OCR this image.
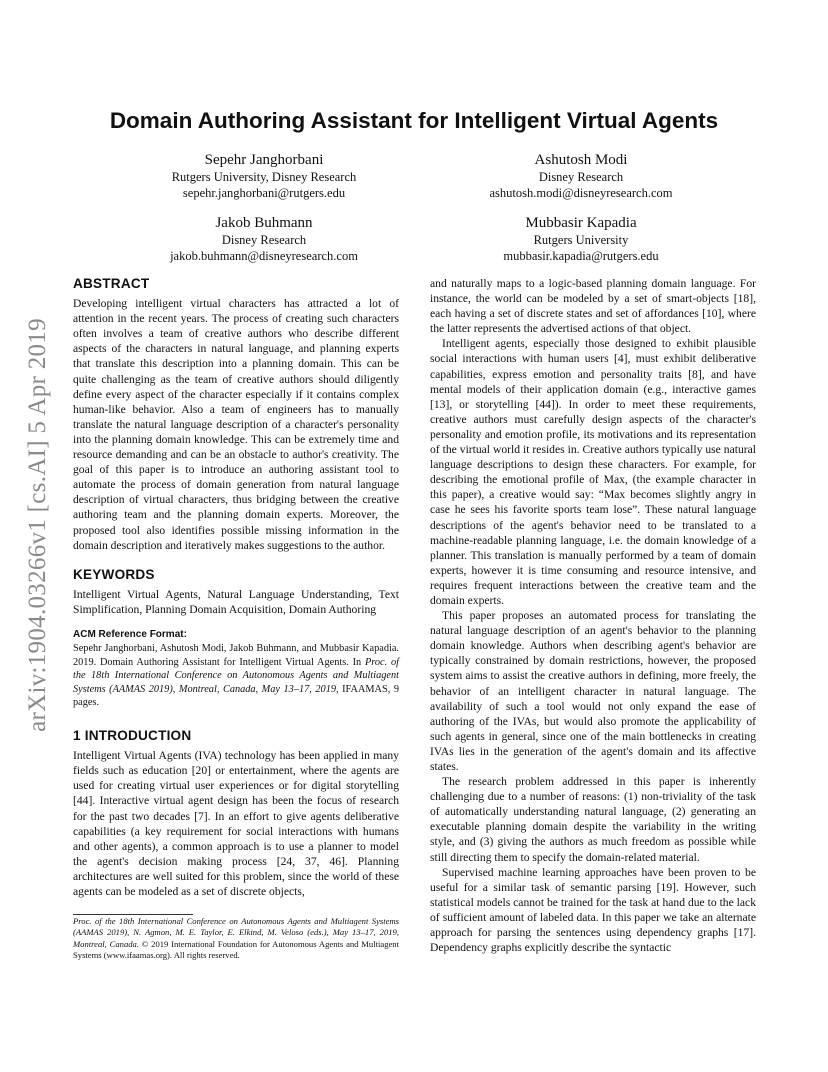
arXiv:1904.03266v1 [cs.AI] 5 Apr 2019
Domain Authoring Assistant for Intelligent Virtual Agents
Sepehr Janghorbani
Rutgers University, Disney Research
sepehr.janghorbani@rutgers.edu
Ashutosh Modi
Disney Research
ashutosh.modi@disneyresearch.com
Jakob Buhmann
Disney Research
jakob.buhmann@disneyresearch.com
Mubbasir Kapadia
Rutgers University
mubbasir.kapadia@rutgers.edu
ABSTRACT

Developing intelligent virtual characters has attracted a lot of attention in the recent years. The process of creating such characters often involves a team of creative authors who describe different aspects of the characters in natural language, and planning experts that translate this description into a planning domain. This can be quite challenging as the team of creative authors should diligently define every aspect of the character especially if it contains complex human-like behavior. Also a team of engineers has to manually translate the natural language description of a character's personality into the planning domain knowledge. This can be extremely time and resource demanding and can be an obstacle to author's creativity. The goal of this paper is to introduce an authoring assistant tool to automate the process of domain generation from natural language description of virtual characters, thus bridging between the creative authoring team and the planning domain experts. Moreover, the proposed tool also identifies possible missing information in the domain description and iteratively makes suggestions to the author.

KEYWORDS

Intelligent Virtual Agents, Natural Language Understanding, Text Simplification, Planning Domain Acquisition, Domain Authoring

ACM Reference Format:

Sepehr Janghorbani, Ashutosh Modi, Jakob Buhmann, and Mubbasir Kapadia. 2019. Domain Authoring Assistant for Intelligent Virtual Agents. In Proc. of the 18th International Conference on Autonomous Agents and Multiagent Systems (AAMAS 2019), Montreal, Canada, May 13–17, 2019, IFAAMAS, 9 pages.

1 INTRODUCTION

Intelligent Virtual Agents (IVA) technology has been applied in many fields such as education [20] or entertainment, where the agents are used for creating virtual user experiences or for digital storytelling [44]. Interactive virtual agent design has been the focus of research for the past two decades [7]. In an effort to give agents deliberative capabilities (a key requirement for social interactions with humans and other agents), a common approach is to use a planner to model the agent's decision making process [24, 37, 46]. Planning architectures are well suited for this problem, since the world of these agents can be modeled as a set of discrete objects,

Proc. of the 18th International Conference on Autonomous Agents and Multiagent Systems (AAMAS 2019), N. Agmon, M. E. Taylor, E. Elkind, M. Veloso (eds.), May 13–17, 2019, Montreal, Canada. © 2019 International Foundation for Autonomous Agents and Multiagent Systems (www.ifaamas.org). All rights reserved.

and naturally maps to a logic-based planning domain language. For instance, the world can be modeled by a set of smart-objects [18], each having a set of discrete states and set of affordances [10], where the latter represents the advertised actions of that object.

Intelligent agents, especially those designed to exhibit plausible social interactions with human users [4], must exhibit deliberative capabilities, express emotion and personality traits [8], and have mental models of their application domain (e.g., interactive games [13], or storytelling [44]). In order to meet these requirements, creative authors must carefully design aspects of the character's personality and emotion profile, its motivations and its representation of the virtual world it resides in. Creative authors typically use natural language descriptions to design these characters. For example, for describing the emotional profile of Max, (the example character in this paper), a creative would say: “Max becomes slightly angry in case he sees his favorite sports team lose”. These natural language descriptions of the agent's behavior need to be translated to a machine-readable planning language, i.e. the domain knowledge of a planner. This translation is manually performed by a team of domain experts, however it is time consuming and resource intensive, and requires frequent interactions between the creative team and the domain experts.

This paper proposes an automated process for translating the natural language description of an agent's behavior to the planning domain knowledge. Authors when describing agent's behavior are typically constrained by domain restrictions, however, the proposed system aims to assist the creative authors in defining, more freely, the behavior of an intelligent character in natural language. The availability of such a tool would not only expand the ease of authoring of the IVAs, but would also promote the applicability of such agents in general, since one of the main bottlenecks in creating IVAs lies in the generation of the agent's domain and its affective states.

The research problem addressed in this paper is inherently challenging due to a number of reasons: (1) non-triviality of the task of automatically understanding natural language, (2) generating an executable planning domain despite the variability in the writing style, and (3) giving the authors as much freedom as possible while still directing them to specify the domain-related material.

Supervised machine learning approaches have been proven to be useful for a similar task of semantic parsing [19]. However, such statistical models cannot be trained for the task at hand due to the lack of sufficient amount of labeled data. In this paper we take an alternate approach for parsing the sentences using dependency graphs [17]. Dependency graphs explicitly describe the syntactic
